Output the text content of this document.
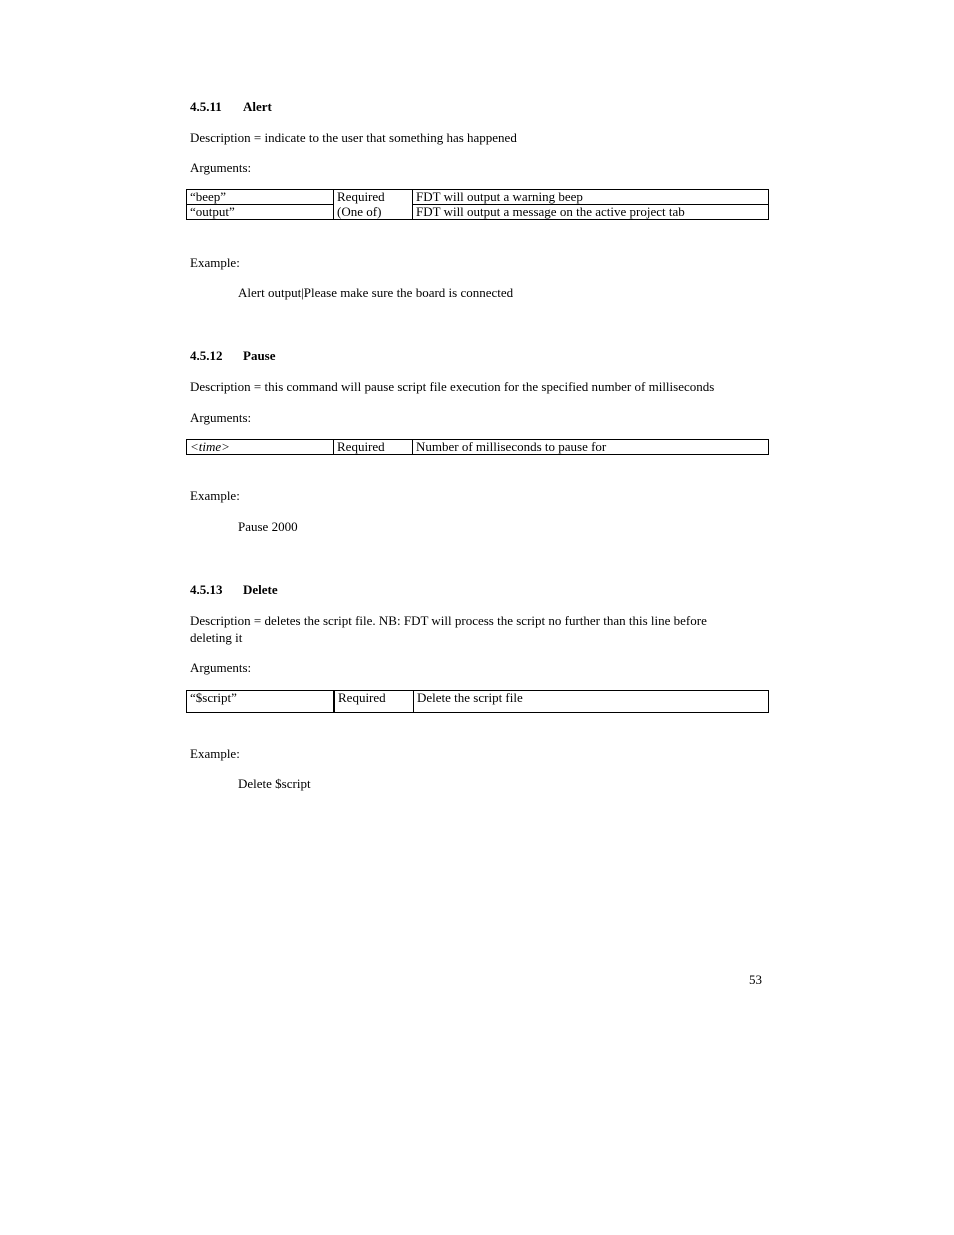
4.5.11 Alert

Description = indicate to the user that something has happened

Arguments:

“beep”	Required	FDT will output a warning beep
“output”	(One of)	FDT will output a message on the active project tab

Example:

Alert output|Please make sure the board is connected

4.5.12 Pause

Description = this command will pause script file execution for the specified number of milliseconds

Arguments:

<time>	Required	Number of milliseconds to pause for

Example:

Pause 2000

4.5.13 Delete

Description = deletes the script file. NB: FDT will process the script no further than this line before

deleting it

Arguments:

“$script”	Required	Delete the script file

Example:

Delete $script

53
